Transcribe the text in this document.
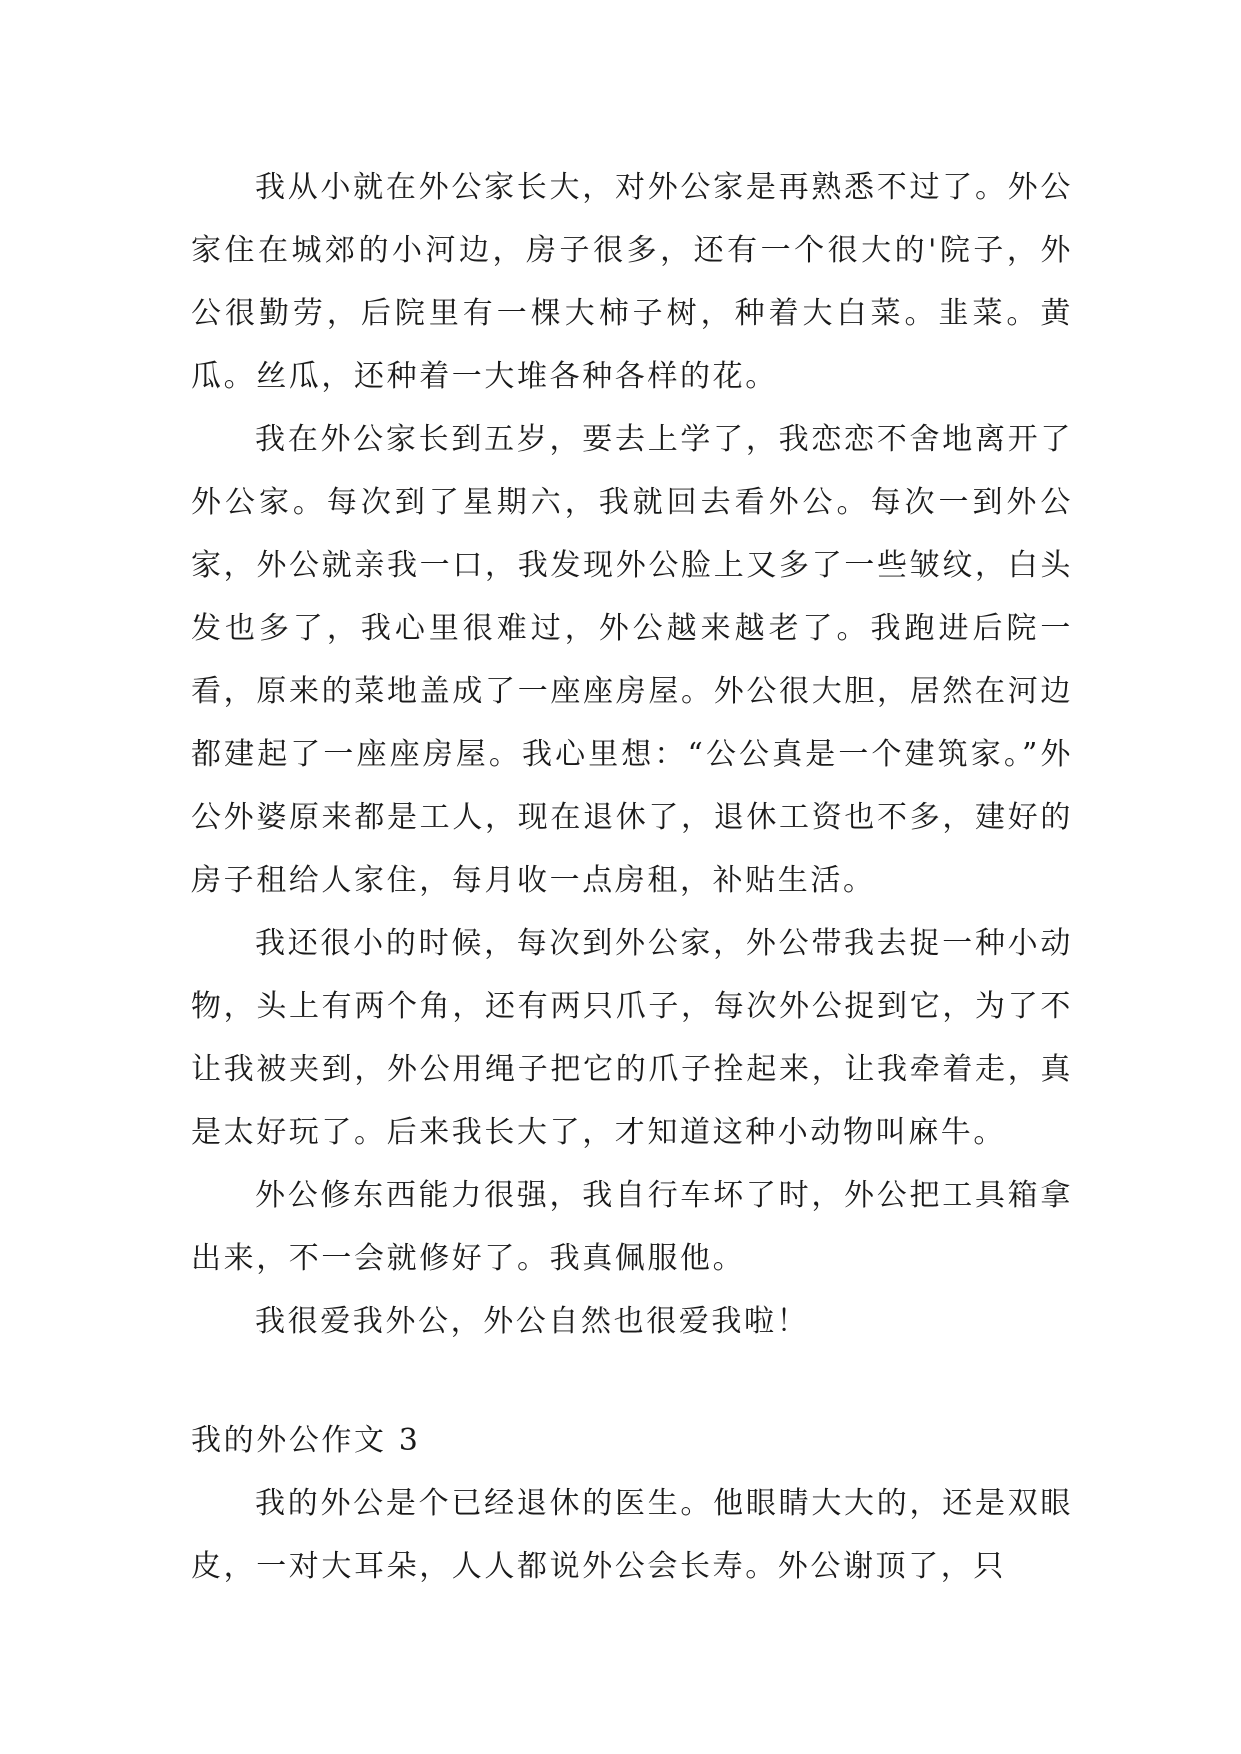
我从小就在外公家长大，对外公家是再熟悉不过了。外公家住在城郊的小河边，房子很多，还有一个很大的'院子，外公很勤劳，后院里有一棵大柿子树，种着大白菜。韭菜。黄瓜。丝瓜，还种着一大堆各种各样的花。

我在外公家长到五岁，要去上学了，我恋恋不舍地离开了外公家。每次到了星期六，我就回去看外公。每次一到外公家，外公就亲我一口，我发现外公脸上又多了一些皱纹，白头发也多了，我心里很难过，外公越来越老了。我跑进后院一看，原来的菜地盖成了一座座房屋。外公很大胆，居然在河边都建起了一座座房屋。我心里想：“公公真是一个建筑家。”外公外婆原来都是工人，现在退休了，退休工资也不多，建好的房子租给人家住，每月收一点房租，补贴生活。

我还很小的时候，每次到外公家，外公带我去捉一种小动物，头上有两个角，还有两只爪子，每次外公捉到它，为了不让我被夹到，外公用绳子把它的爪子拴起来，让我牵着走，真是太好玩了。后来我长大了，才知道这种小动物叫麻牛。

外公修东西能力很强，我自行车坏了时，外公把工具箱拿出来，不一会就修好了。我真佩服他。

我很爱我外公，外公自然也很爱我啦！

我的外公作文 3

我的外公是个已经退休的医生。他眼睛大大的，还是双眼皮，一对大耳朵，人人都说外公会长寿。外公谢顶了，只
